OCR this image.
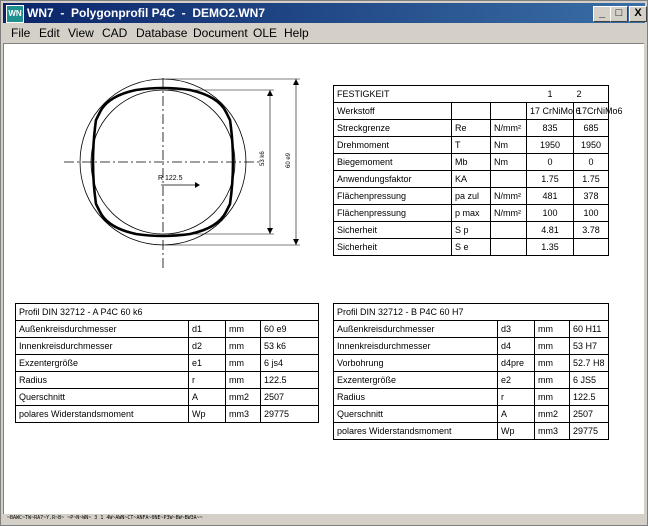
WN WN7  -  Polygonprofil P4C  -  DEMO2.WN7	_ □	X
File Edit View CAD Database Document OLE Help
R 122.5
53 k6	60 e9
FESTIGKEIT			1	2
Werkstoff			17 CrNiMo 6	17CrNiMo6
Streckgrenze	Re	N/mm²	835	685
Drehmoment	T	Nm	1950	1950
Biegemoment	Mb	Nm	0	0
Anwendungsfaktor	KA		1.75	1.75
Flächenpressung	pa zul	N/mm²	481	378
Flächenpressung	p max	N/mm²	100	100
Sicherheit	S p		4.81	3.78
Sicherheit	S e		1.35	
Profil DIN 32712 - A P4C 60 k6			
Außenkreisdurchmesser	d1	mm	60 e9
Innenkreisdurchmesser	d2	mm	53 k6
Exzentergröße	e1	mm	6 js4
Radius	r	mm	122.5
Querschnitt	A	mm2	2507
polares Widerstandsmoment	Wp	mm3	29775
Profil DIN 32712 - B P4C 60 H7			
Außenkreisdurchmesser	d3	mm	60 H11
Innenkreisdurchmesser	d4	mm	53 H7
Vorbohrung	d4pre	mm	52.7 H8
Exzentergröße	e2	mm	6 JS5
Radius	r	mm	122.5
Querschnitt	A	mm2	2507
polares Widerstandsmoment	Wp	mm3	29775
~BAWC~TW~RA7~Y.R~B~ ~P~N~WN~ 3 1 4W~AWN~CT~ANFA~0NE~P3W~BW~BW3A~~
